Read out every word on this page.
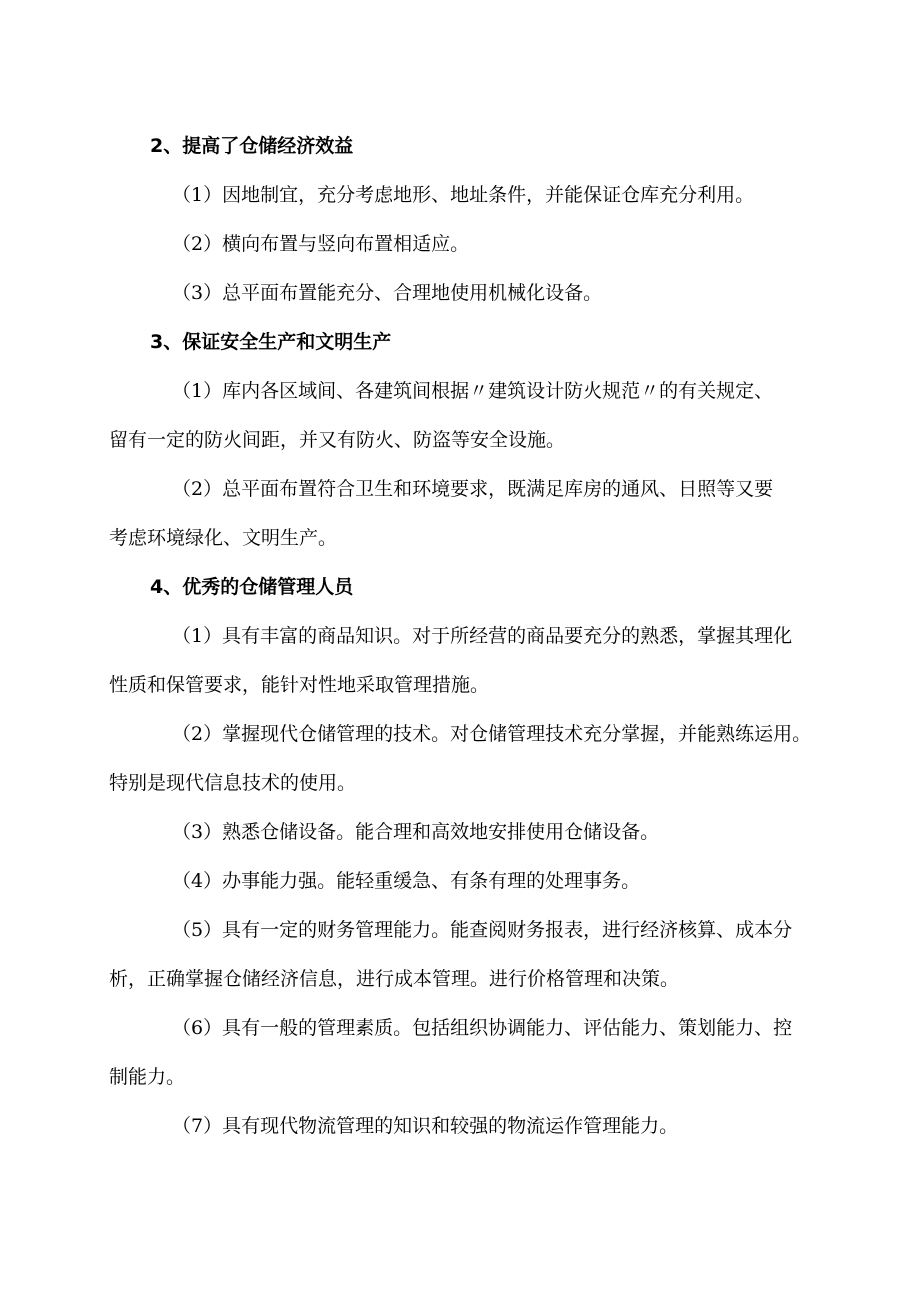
2、提高了仓储经济效益

（1）因地制宜，充分考虑地形、地址条件，并能保证仓库充分利用。

（2）横向布置与竖向布置相适应。

（3）总平面布置能充分、合理地使用机械化设备。

3、保证安全生产和文明生产

（1）库内各区域间、各建筑间根据〃建筑设计防火规范〃的有关规定、

留有一定的防火间距，并又有防火、防盗等安全设施。

（2）总平面布置符合卫生和环境要求，既满足库房的通风、日照等又要

考虑环境绿化、文明生产。

4、优秀的仓储管理人员

（1）具有丰富的商品知识。对于所经营的商品要充分的熟悉，掌握其理化

性质和保管要求，能针对性地采取管理措施。

（2）掌握现代仓储管理的技术。对仓储管理技术充分掌握，并能熟练运用。

特别是现代信息技术的使用。

（3）熟悉仓储设备。能合理和高效地安排使用仓储设备。

（4）办事能力强。能轻重缓急、有条有理的处理事务。

（5）具有一定的财务管理能力。能查阅财务报表，进行经济核算、成本分

析，正确掌握仓储经济信息，进行成本管理。进行价格管理和决策。

（6）具有一般的管理素质。包括组织协调能力、评估能力、策划能力、控

制能力。

（7）具有现代物流管理的知识和较强的物流运作管理能力。
